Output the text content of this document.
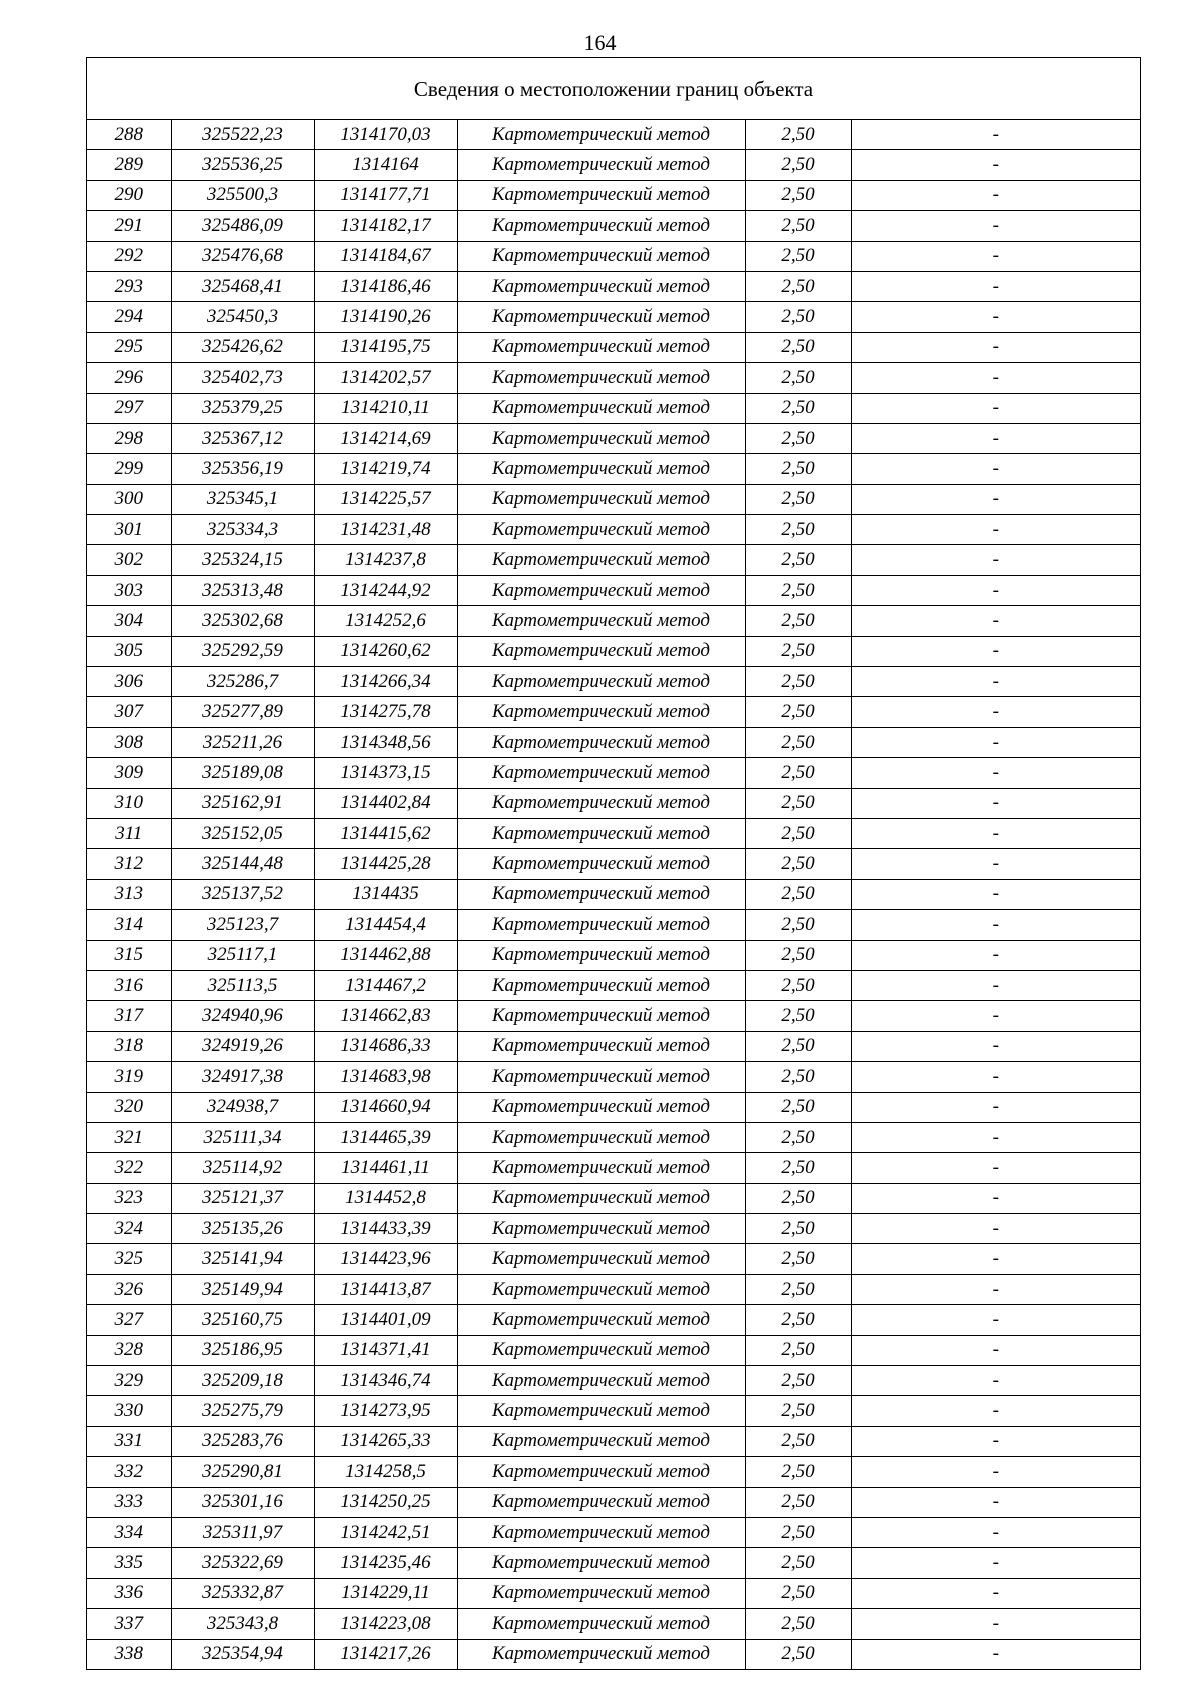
164
Сведения о местоположении границ объекта
288	325522,23	1314170,03	Картометрический метод	2,50	-
289	325536,25	1314164	Картометрический метод	2,50	-
290	325500,3	1314177,71	Картометрический метод	2,50	-
291	325486,09	1314182,17	Картометрический метод	2,50	-
292	325476,68	1314184,67	Картометрический метод	2,50	-
293	325468,41	1314186,46	Картометрический метод	2,50	-
294	325450,3	1314190,26	Картометрический метод	2,50	-
295	325426,62	1314195,75	Картометрический метод	2,50	-
296	325402,73	1314202,57	Картометрический метод	2,50	-
297	325379,25	1314210,11	Картометрический метод	2,50	-
298	325367,12	1314214,69	Картометрический метод	2,50	-
299	325356,19	1314219,74	Картометрический метод	2,50	-
300	325345,1	1314225,57	Картометрический метод	2,50	-
301	325334,3	1314231,48	Картометрический метод	2,50	-
302	325324,15	1314237,8	Картометрический метод	2,50	-
303	325313,48	1314244,92	Картометрический метод	2,50	-
304	325302,68	1314252,6	Картометрический метод	2,50	-
305	325292,59	1314260,62	Картометрический метод	2,50	-
306	325286,7	1314266,34	Картометрический метод	2,50	-
307	325277,89	1314275,78	Картометрический метод	2,50	-
308	325211,26	1314348,56	Картометрический метод	2,50	-
309	325189,08	1314373,15	Картометрический метод	2,50	-
310	325162,91	1314402,84	Картометрический метод	2,50	-
311	325152,05	1314415,62	Картометрический метод	2,50	-
312	325144,48	1314425,28	Картометрический метод	2,50	-
313	325137,52	1314435	Картометрический метод	2,50	-
314	325123,7	1314454,4	Картометрический метод	2,50	-
315	325117,1	1314462,88	Картометрический метод	2,50	-
316	325113,5	1314467,2	Картометрический метод	2,50	-
317	324940,96	1314662,83	Картометрический метод	2,50	-
318	324919,26	1314686,33	Картометрический метод	2,50	-
319	324917,38	1314683,98	Картометрический метод	2,50	-
320	324938,7	1314660,94	Картометрический метод	2,50	-
321	325111,34	1314465,39	Картометрический метод	2,50	-
322	325114,92	1314461,11	Картометрический метод	2,50	-
323	325121,37	1314452,8	Картометрический метод	2,50	-
324	325135,26	1314433,39	Картометрический метод	2,50	-
325	325141,94	1314423,96	Картометрический метод	2,50	-
326	325149,94	1314413,87	Картометрический метод	2,50	-
327	325160,75	1314401,09	Картометрический метод	2,50	-
328	325186,95	1314371,41	Картометрический метод	2,50	-
329	325209,18	1314346,74	Картометрический метод	2,50	-
330	325275,79	1314273,95	Картометрический метод	2,50	-
331	325283,76	1314265,33	Картометрический метод	2,50	-
332	325290,81	1314258,5	Картометрический метод	2,50	-
333	325301,16	1314250,25	Картометрический метод	2,50	-
334	325311,97	1314242,51	Картометрический метод	2,50	-
335	325322,69	1314235,46	Картометрический метод	2,50	-
336	325332,87	1314229,11	Картометрический метод	2,50	-
337	325343,8	1314223,08	Картометрический метод	2,50	-
338	325354,94	1314217,26	Картометрический метод	2,50	-
